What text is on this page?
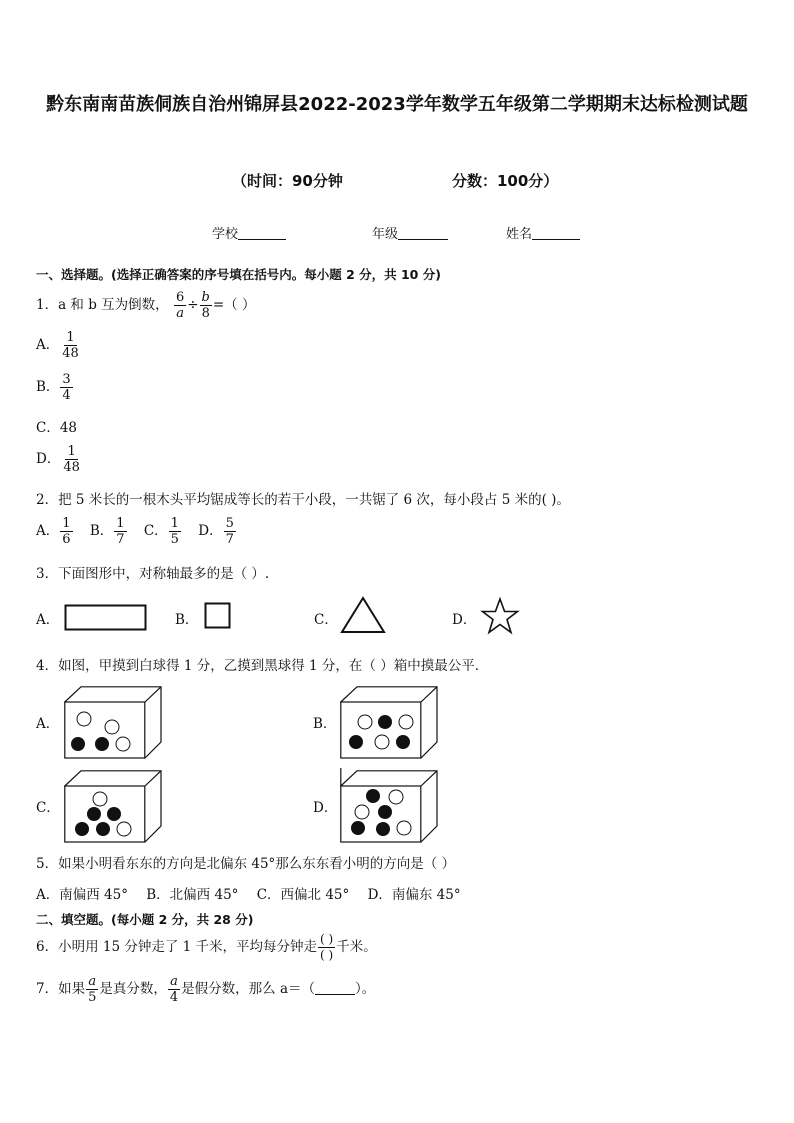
黔东南南苗族侗族自治州锦屏县2022-2023学年数学五年级第二学期期末达标检测试题
（时间：90分钟	分数：100分）
学校	年级	姓名
一、选择题。(选择正确答案的序号填在括号内。每小题 2 分，共 10 分)
1．a 和 b 互为倒数， $\frac{6}{a} \div \frac{b}{8}$ =（ ）
A． $\frac{1}{48}$
B． $\frac{3}{4}$
C．48
D． $\frac{1}{48}$
2．把 5 米长的一根木头平均锯成等长的若干小段，一共锯了 6 次，每小段占 5 米的( )。
A． $\frac{1}{6}$ B． $\frac{1}{7}$ C． $\frac{1}{5}$ D． $\frac{5}{7}$
3．下面图形中，对称轴最多的是（ ）.
A．	B．	C．	D．
4．如图，甲摸到白球得 1 分，乙摸到黑球得 1 分，在（ ）箱中摸最公平．
A．	B．
C．	D．
5．如果小明看东东的方向是北偏东 45°那么东东看小明的方向是（ ）
A．南偏西 45° B．北偏西 45° C．西偏北 45° D．南偏东 45°
二、填空题。(每小题 2 分，共 28 分)
6．小明用 15 分钟走了 1 千米，平均每分钟走 $\frac{( )}{( )}$ 千米。
7．如果 $\frac{a}{5}$ 是真分数， $\frac{a}{4}$ 是假分数，那么 a＝（	）。
